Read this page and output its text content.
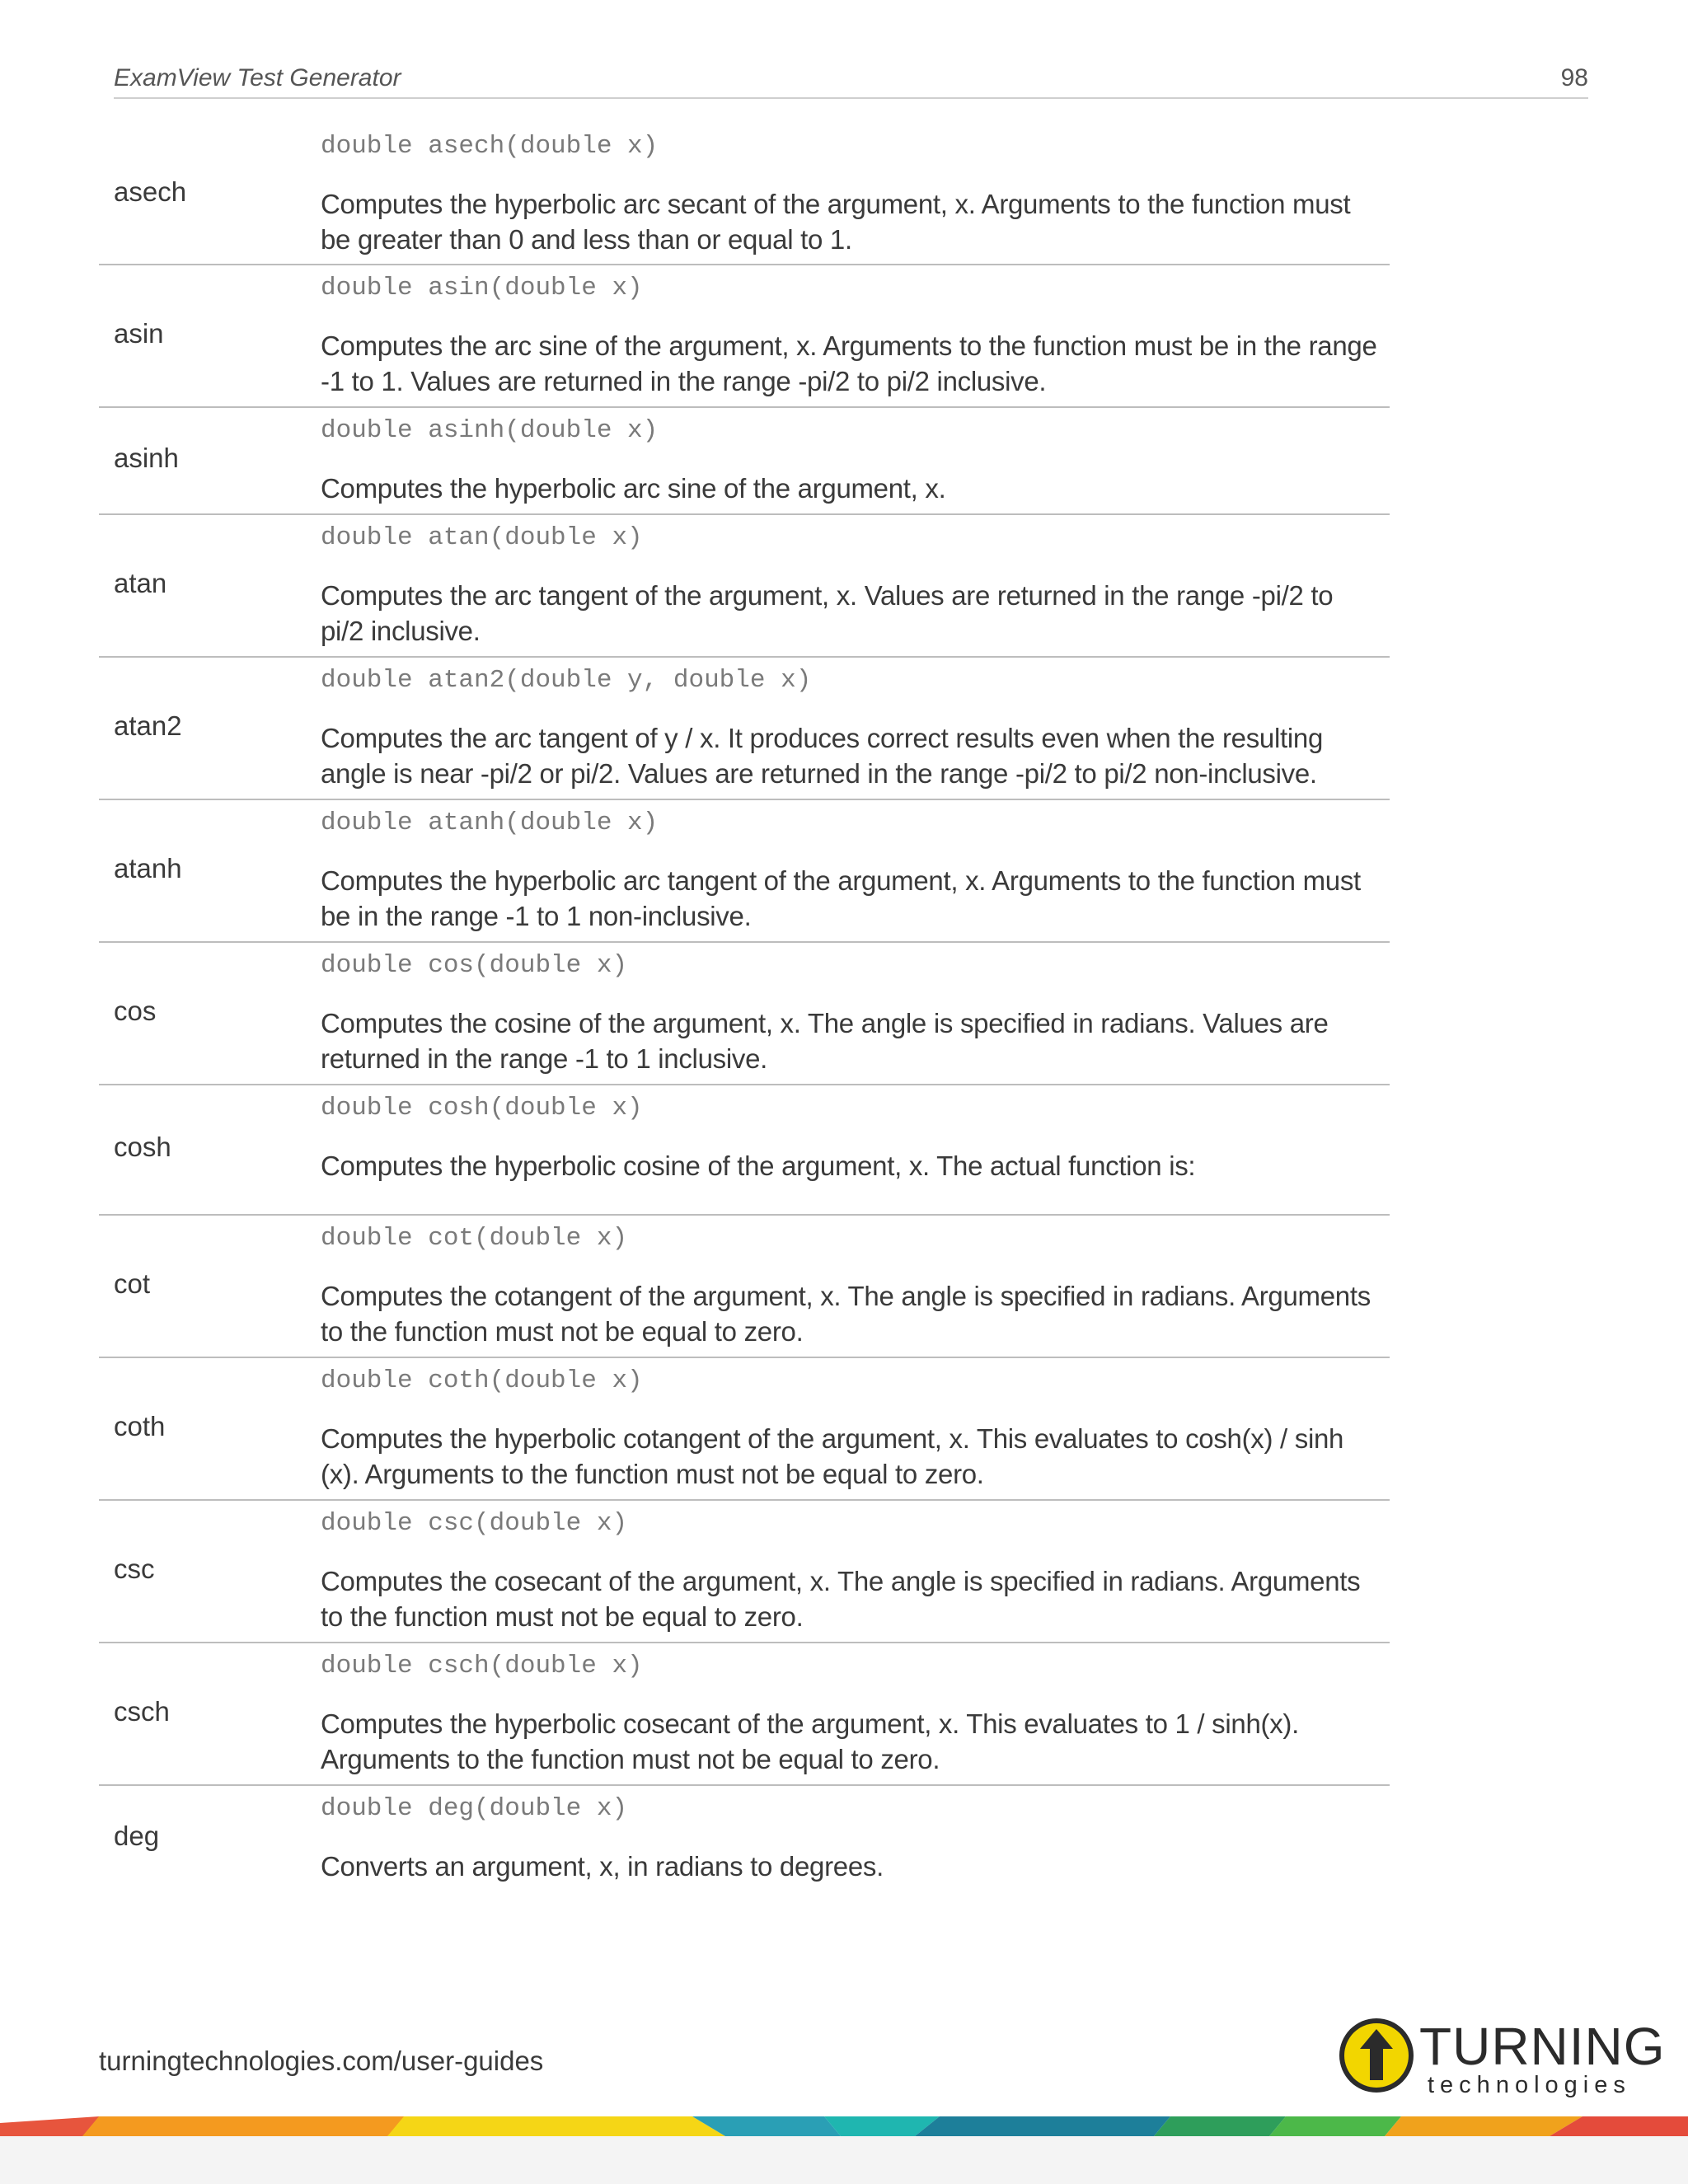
ExamView Test Generator	98
asech
double asech(double x)
Computes the hyperbolic arc secant of the argument, x. Arguments to the function must be greater than 0 and less than or equal to 1.
asin
double asin(double x)
Computes the arc sine of the argument, x. Arguments to the function must be in the range -1 to 1. Values are returned in the range -pi/2 to pi/2 inclusive.
asinh
double asinh(double x)
Computes the hyperbolic arc sine of the argument, x.
atan
double atan(double x)
Computes the arc tangent of the argument, x. Values are returned in the range -pi/2 to pi/2 inclusive.
atan2
double atan2(double y, double x)
Computes the arc tangent of y / x. It produces correct results even when the resulting angle is near -pi/2 or pi/2. Values are returned in the range -pi/2 to pi/2 non-inclusive.
atanh
double atanh(double x)
Computes the hyperbolic arc tangent of the argument, x. Arguments to the function must be in the range -1 to 1 non-inclusive.
cos
double cos(double x)
Computes the cosine of the argument, x. The angle is specified in radians. Values are returned in the range -1 to 1 inclusive.
cosh
double cosh(double x)
Computes the hyperbolic cosine of the argument, x. The actual function is:
cot
double cot(double x)
Computes the cotangent of the argument, x. The angle is specified in radians. Arguments to the function must not be equal to zero.
coth
double coth(double x)
Computes the hyperbolic cotangent of the argument, x. This evaluates to cosh(x) / sinh (x). Arguments to the function must not be equal to zero.
csc
double csc(double x)
Computes the cosecant of the argument, x. The angle is specified in radians. Arguments to the function must not be equal to zero.
csch
double csch(double x)
Computes the hyperbolic cosecant of the argument, x. This evaluates to 1 / sinh(x). Arguments to the function must not be equal to zero.
deg
double deg(double x)
Converts an argument, x, in radians to degrees.
turningtechnologies.com/user-guides	TURNING
technologies
